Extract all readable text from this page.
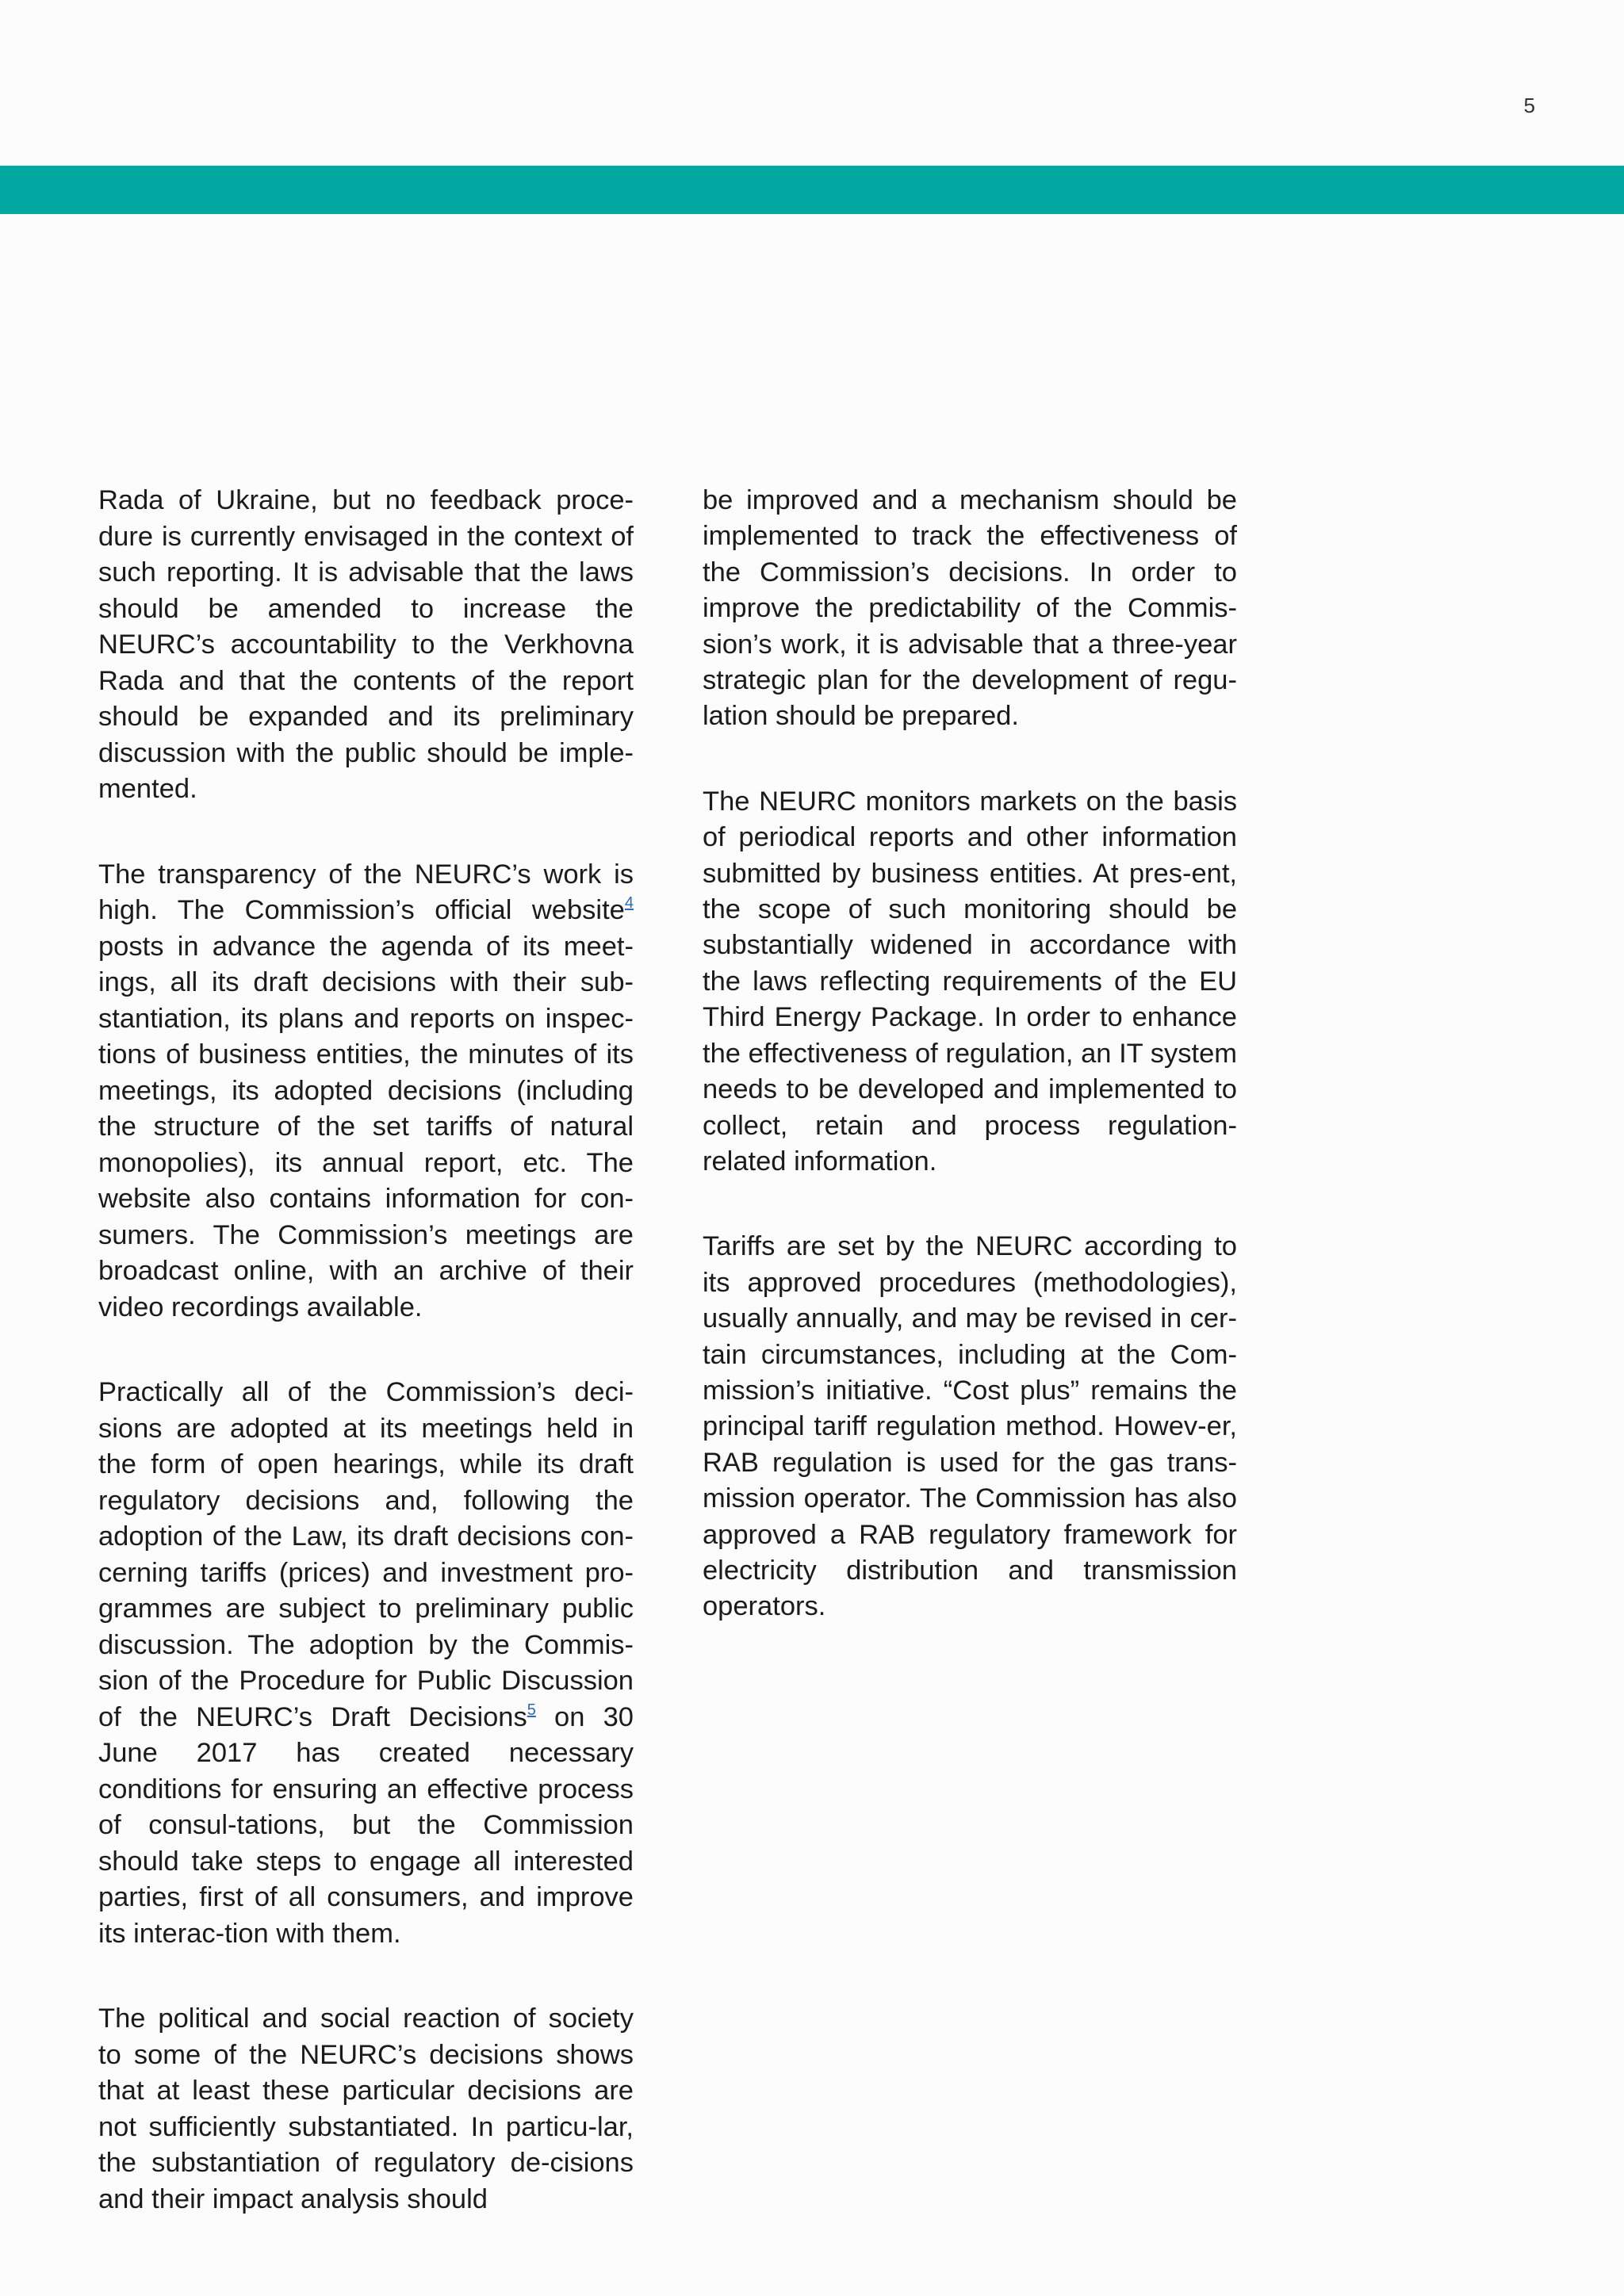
5

Rada of Ukraine, but no feedback proce-dure is currently envisaged in the context of such reporting. It is advisable that the laws should be amended to increase the NEURC’s accountability to the Verkhovna Rada and that the contents of the report should be expanded and its preliminary discussion with the public should be imple-mented.

The transparency of the NEURC’s work is high. The Commission’s official website$^4$ posts in advance the agenda of its meet-ings, all its draft decisions with their sub-stantiation, its plans and reports on inspec-tions of business entities, the minutes of its meetings, its adopted decisions (including the structure of the set tariffs of natural monopolies), its annual report, etc. The website also contains information for con-sumers. The Commission’s meetings are broadcast online, with an archive of their video recordings available.

Practically all of the Commission’s deci-sions are adopted at its meetings held in the form of open hearings, while its draft regulatory decisions and, following the adoption of the Law, its draft decisions con-cerning tariffs (prices) and investment pro-grammes are subject to preliminary public discussion. The adoption by the Commis-sion of the Procedure for Public Discussion of the NEURC’s Draft Decisions$^5$ on 30 June 2017 has created necessary conditions for ensuring an effective process of consul-tations, but the Commission should take steps to engage all interested parties, first of all consumers, and improve its interac-tion with them.

The political and social reaction of society to some of the NEURC’s decisions shows that at least these particular decisions are not sufficiently substantiated. In particu-lar, the substantiation of regulatory de-cisions and their impact analysis should

be improved and a mechanism should be implemented to track the effectiveness of the Commission’s decisions. In order to improve the predictability of the Commis-sion’s work, it is advisable that a three-year strategic plan for the development of regu-lation should be prepared.

The NEURC monitors markets on the basis of periodical reports and other information submitted by business entities. At pres-ent, the scope of such monitoring should be substantially widened in accordance with the laws reflecting requirements of the EU Third Energy Package. In order to enhance the effectiveness of regulation, an IT system needs to be developed and implemented to collect, retain and process regulation-related information.

Tariffs are set by the NEURC according to its approved procedures (methodologies), usually annually, and may be revised in cer-tain circumstances, including at the Com-mission’s initiative. “Cost plus” remains the principal tariff regulation method. Howev-er, RAB regulation is used for the gas trans-mission operator. The Commission has also approved a RAB regulatory framework for electricity distribution and transmission operators.
